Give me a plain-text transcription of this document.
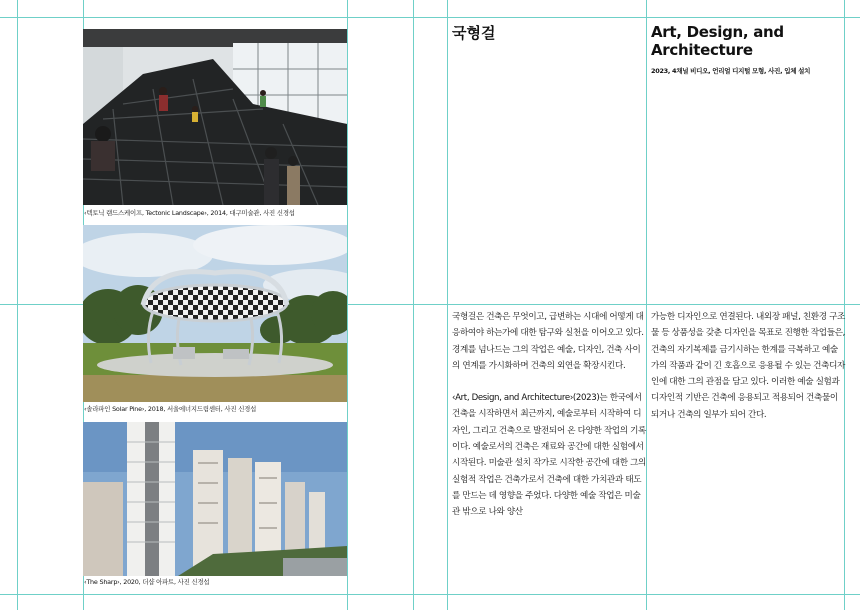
‹텍토닉 랜드스케이프, Tectonic Landscape›, 2014, 대구미술관, 사진 신경섭
‹솔라파인 Solar Pine›, 2018, 서울에너지드림센터, 사진 신경섭
‹The Sharp›, 2020, 더샵 아파트, 사진 신경섭
국형걸	Art, Design, and Architecture
2023, 4채널 비디오, 언리얼 디지털 모형, 사진, 입체 설치

국형걸은 건축은 무엇이고, 급변하는 시대에 어떻게 대응하여야 하는가에 대한 탐구와 실천을 이어오고 있다. 경계를 넘나드는 그의 작업은 예술, 디자인, 건축 사이의 연계를 가시화하며 건축의 외연을 확장시킨다.

‹Art, Design, and Architecture›(2023)는 한국에서 건축을 시작하면서 최근까지, 예술로부터 시작하여 디자인, 그리고 건축으로 발전되어 온 다양한 작업의 기록이다. 예술로서의 건축은 재료와 공간에 대한 실험에서 시작된다. 미술관 설치 작가로 시작한 공간에 대한 그의 실험적 작업은 건축가로서 건축에 대한 가치관과 태도를 만드는 데 영향을 주었다. 다양한 예술 작업은 미술관 밖으로 나와 양산

가능한 디자인으로 연결된다. 내외장 패널, 친환경 구조물 등 상품성을 갖춘 디자인을 목표로 진행한 작업들은, 건축의 자기복제를 금기시하는 한계를 극복하고 예술가의 작품과 같이 긴 호흡으로 응용될 수 있는 건축디자인에 대한 그의 관점을 담고 있다. 이러한 예술 실험과 디자인적 기반은 건축에 응용되고 적용되어 건축물이 되거나 건축의 일부가 되어 간다.
